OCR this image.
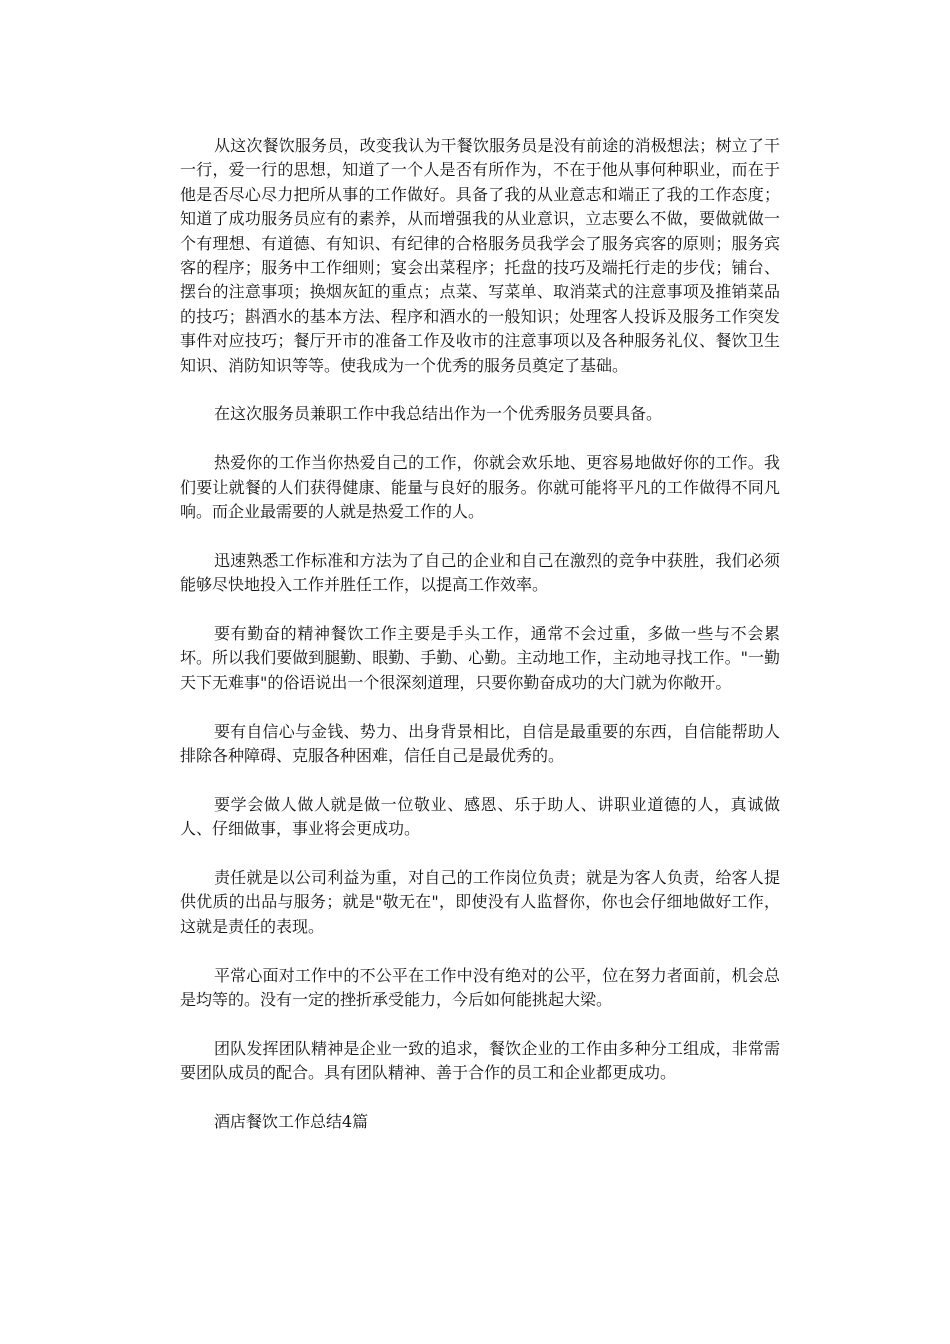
从这次餐饮服务员，改变我认为干餐饮服务员是没有前途的消极想法；树立了干一行，爱一行的思想，知道了一个人是否有所作为，不在于他从事何种职业，而在于他是否尽心尽力把所从事的工作做好。具备了我的从业意志和端正了我的工作态度；知道了成功服务员应有的素养，从而增强我的从业意识，立志要么不做，要做就做一个有理想、有道德、有知识、有纪律的合格服务员我学会了服务宾客的原则；服务宾客的程序；服务中工作细则；宴会出菜程序；托盘的技巧及端托行走的步伐；铺台、摆台的注意事项；换烟灰缸的重点；点菜、写菜单、取消菜式的注意事项及推销菜品的技巧；斟酒水的基本方法、程序和酒水的一般知识；处理客人投诉及服务工作突发事件对应技巧；餐厅开市的准备工作及收市的注意事项以及各种服务礼仪、餐饮卫生知识、消防知识等等。使我成为一个优秀的服务员奠定了基础。

在这次服务员兼职工作中我总结出作为一个优秀服务员要具备。

热爱你的工作当你热爱自己的工作，你就会欢乐地、更容易地做好你的工作。我们要让就餐的人们获得健康、能量与良好的服务。你就可能将平凡的工作做得不同凡响。而企业最需要的人就是热爱工作的人。

迅速熟悉工作标准和方法为了自己的企业和自己在激烈的竞争中获胜，我们必须能够尽快地投入工作并胜任工作，以提高工作效率。

要有勤奋的精神餐饮工作主要是手头工作，通常不会过重，多做一些与不会累坏。所以我们要做到腿勤、眼勤、手勤、心勤。主动地工作，主动地寻找工作。"一勤天下无难事"的俗语说出一个很深刻道理，只要你勤奋成功的大门就为你敞开。

要有自信心与金钱、势力、出身背景相比，自信是最重要的东西，自信能帮助人排除各种障碍、克服各种困难，信任自己是最优秀的。

要学会做人做人就是做一位敬业、感恩、乐于助人、讲职业道德的人，真诚做人、仔细做事，事业将会更成功。

责任就是以公司利益为重，对自己的工作岗位负责；就是为客人负责，给客人提供优质的出品与服务；就是"敬无在"，即使没有人监督你，你也会仔细地做好工作，这就是责任的表现。

平常心面对工作中的不公平在工作中没有绝对的公平，位在努力者面前，机会总是均等的。没有一定的挫折承受能力，今后如何能挑起大梁。

团队发挥团队精神是企业一致的追求，餐饮企业的工作由多种分工组成，非常需要团队成员的配合。具有团队精神、善于合作的员工和企业都更成功。

酒店餐饮工作总结4篇
